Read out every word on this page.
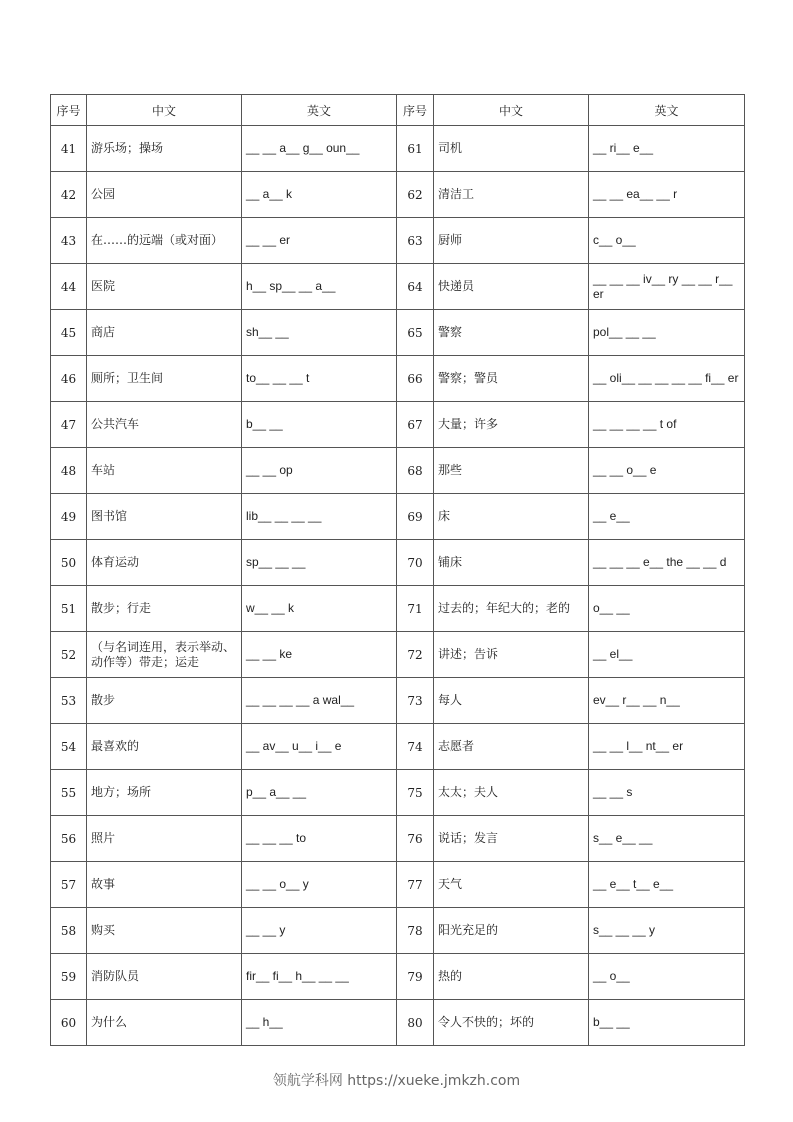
序号	中文	英文	序号	中文	英文
41	游乐场；操场	__ __ a__ g__ oun__	61	司机	__ ri__ e__
42	公园	__ a__ k	62	清洁工	__ __ ea__ __ r
43	在……的远端（或对面）	__ __ er	63	厨师	c__ o__
44	医院	h__ sp__ __ a__	64	快递员	__ __ __ iv__ ry __ __ r__ er
45	商店	sh__ __	65	警察	pol__ __ __
46	厕所；卫生间	to__ __ __ t	66	警察；警员	__ oli__ __ __ __ __ fi__ er
47	公共汽车	b__ __	67	大量；许多	__ __ __ __ t of
48	车站	__ __ op	68	那些	__ __ o__ e
49	图书馆	lib__ __ __ __	69	床	__ e__
50	体育运动	sp__ __ __	70	铺床	__ __ __ e__ the __ __ d
51	散步；行走	w__ __ k	71	过去的；年纪大的；老的	o__ __
52	（与名词连用，表示举动、动作等）带走；运走	__ __ ke	72	讲述；告诉	__ el__
53	散步	__ __ __ __ a wal__	73	每人	ev__ r__ __ n__
54	最喜欢的	__ av__ u__ i__ e	74	志愿者	__ __ l__ nt__ er
55	地方；场所	p__ a__ __	75	太太；夫人	__ __ s
56	照片	__ __ __ to	76	说话；发言	s__ e__ __
57	故事	__ __ o__ y	77	天气	__ e__ t__ e__
58	购买	__ __ y	78	阳光充足的	s__ __ __ y
59	消防队员	fir__ fi__ h__ __ __	79	热的	__ o__
60	为什么	__ h__	80	令人不快的；坏的	b__ __
领航学科网 https://xueke.jmkzh.com
